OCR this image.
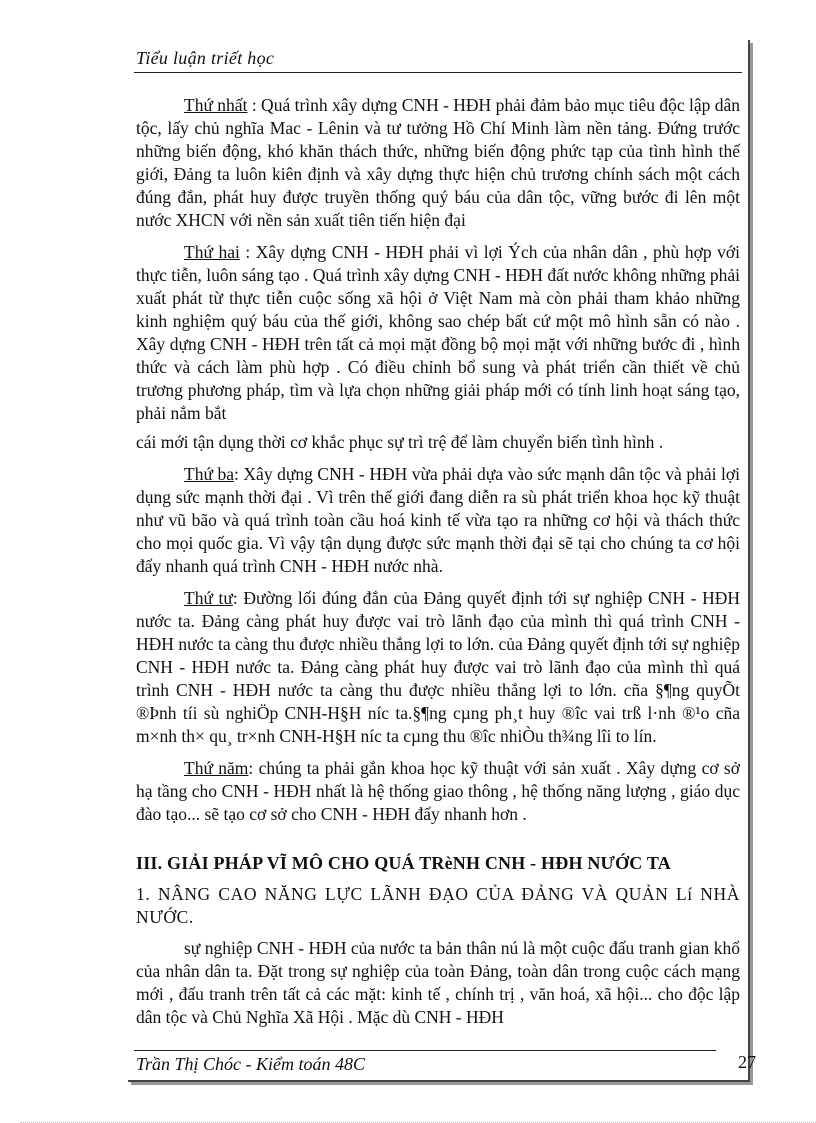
Tiểu luận triết học

Thứ nhất : Quá trình xây dựng CNH - HĐH phải đảm bảo mục tiêu độc lập dân tộc, lấy chủ nghĩa Mac - Lênin và tư tưởng Hồ Chí Minh làm nền tảng. Đứng trước những biến động, khó khăn thách thức, những biến động phức tạp của tình hình thế giới, Đảng ta luôn kiên định và xây dựng thực hiện chủ trương chính sách một cách đúng đắn, phát huy được truyền thống quý báu của dân tộc, vững bước đi lên một nước XHCN với nền sản xuất tiên tiến hiện đại

Thứ hai : Xây dựng CNH - HĐH phải vì lợi Ých của nhân dân , phù hợp với thực tiễn, luôn sáng tạo . Quá trình xây dựng CNH - HĐH đất nước không những phải xuất phát từ thực tiễn cuộc sống xã hội ở Việt Nam mà còn phải tham khảo những kinh nghiệm quý báu của thế giới, không sao chép bất cứ một mô hình sẵn có nào . Xây dựng CNH - HĐH trên tất cả mọi mặt đồng bộ mọi mặt với những bước đi , hình thức và cách làm phù hợp . Có điều chỉnh bổ sung và phát triển cần thiết về chủ trương phương pháp, tìm và lựa chọn những giải pháp mới có tính linh hoạt sáng tạo, phải nắm bắt

cái mới tận dụng thời cơ khắc phục sự trì trệ để làm chuyển biến tình hình .

Thứ ba: Xây dựng CNH - HĐH vừa phải dựa vào sức mạnh dân tộc và phải lợi dụng sức mạnh thời đại . Vì trên thế giới đang diễn ra sù phát triển khoa học kỹ thuật như vũ bão và quá trình toàn cầu hoá kinh tế vừa tạo ra những cơ hội và thách thức cho mọi quốc gia. Vì vậy tận dụng được sức mạnh thời đại sẽ tại cho chúng ta cơ hội đẩy nhanh quá trình CNH - HĐH nước nhà.

Thứ tư: Đường lối đúng đắn của Đảng quyết định tới sự nghiệp CNH - HĐH nước ta. Đảng càng phát huy được vai trò lãnh đạo của mình thì quá trình CNH - HĐH nước ta càng thu được nhiều thắng lợi to lớn. của Đảng quyết định tới sự nghiệp CNH - HĐH nước ta. Đảng càng phát huy được vai trò lãnh đạo của mình thì quá trình CNH - HĐH nước ta càng thu được nhiều thắng lợi to lớn. cña §¶ng quyÕt ®Þnh tíi sù nghiÖp CNH-H§H níc ta.§¶ng cµng ph¸t huy ®îc vai trß l·nh ®¹o cña m×nh th× qu¸ tr×nh CNH-H§H níc ta cµng thu ®îc nhiÒu th¾ng lîi to lín.

Thứ năm: chúng ta phải gắn khoa học kỹ thuật với sản xuất . Xây dựng cơ sở hạ tầng cho CNH - HĐH nhất là hệ thống giao thông , hệ thống năng lượng , giáo dục đào tạo... sẽ tạo cơ sở cho CNH - HĐH đẩy nhanh hơn .

III. GIẢI PHÁP VĨ MÔ CHO QUÁ TRèNH CNH - HĐH NƯỚC TA
1. NÂNG CAO NĂNG LỰC LÃNH ĐẠO CỦA ĐẢNG VÀ QUẢN Lí NHÀ NƯỚC.

sự nghiệp CNH - HĐH của nước ta bản thân nú là một cuộc đấu tranh gian khổ của nhân dân ta. Đặt trong sự nghiệp của toàn Đảng, toàn dân trong cuộc cách mạng mới , đấu tranh trên tất cả các mặt: kinh tế , chính trị , văn hoá, xã hội... cho độc lập dân tộc và Chủ Nghĩa Xã Hội . Mặc dù CNH - HĐH

Trần Thị Chóc - Kiểm toán 48C	27
